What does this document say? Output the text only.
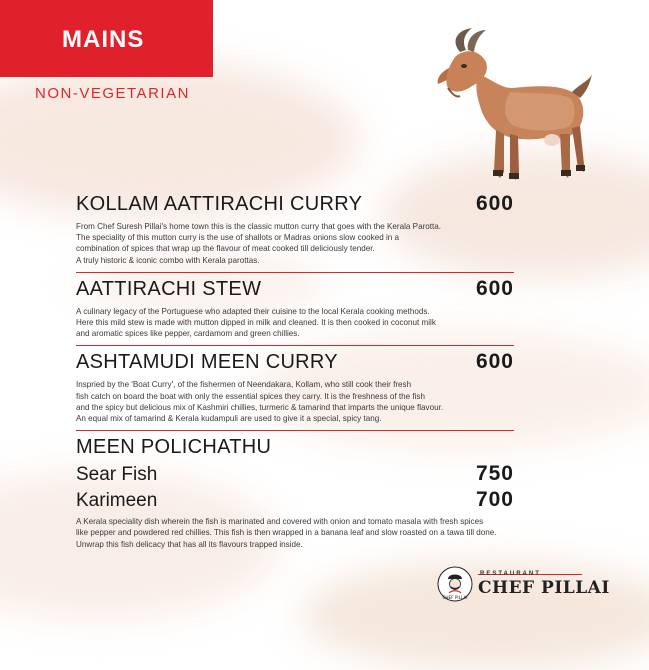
MAINS
NON-VEGETARIAN
KOLLAM AATTIRACHI CURRY	600
From Chef Suresh Pillai's home town this is the classic mutton curry that goes with the Kerala Parotta.
The speciality of this mutton curry is the use of shallots or Madras onions slow cooked in a
combination of spices that wrap up the flavour of meat cooked till deliciously tender.
A truly historic & iconic combo with Kerala parottas.
AATTIRACHI STEW	600
A culinary legacy of the Portuguese who adapted their cuisine to the local Kerala cooking methods.
Here this mild stew is made with mutton dipped in milk and cleaned. It is then cooked in coconut milk
and aromatic spices like pepper, cardamom and green chillies.
ASHTAMUDI MEEN CURRY	600
Inspried by the 'Boat Curry', of the fishermen of Neendakara, Kollam, who still cook their fresh
fish catch on board the boat with only the essential spices they carry. It is the freshness of the fish
and the spicy but delicious mix of Kashmiri chillies, turmeric & tamarind that imparts the unique flavour.
An equal mix of tamarind & Kerala kudampuli are used to give it a special, spicy tang.
MEEN POLICHATHU
Sear Fish	750
Karimeen	700
A Kerala speciality dish wherein the fish is marinated and covered with onion and tomato masala with fresh spices
like pepper and powdered red chillies. This fish is then wrapped in a banana leaf and slow roasted on a tawa till done.
Unwrap this fish delicacy that has all its flavours trapped inside.
CHEF PILLAI
RESTAURANT
CHEF PILLAI
